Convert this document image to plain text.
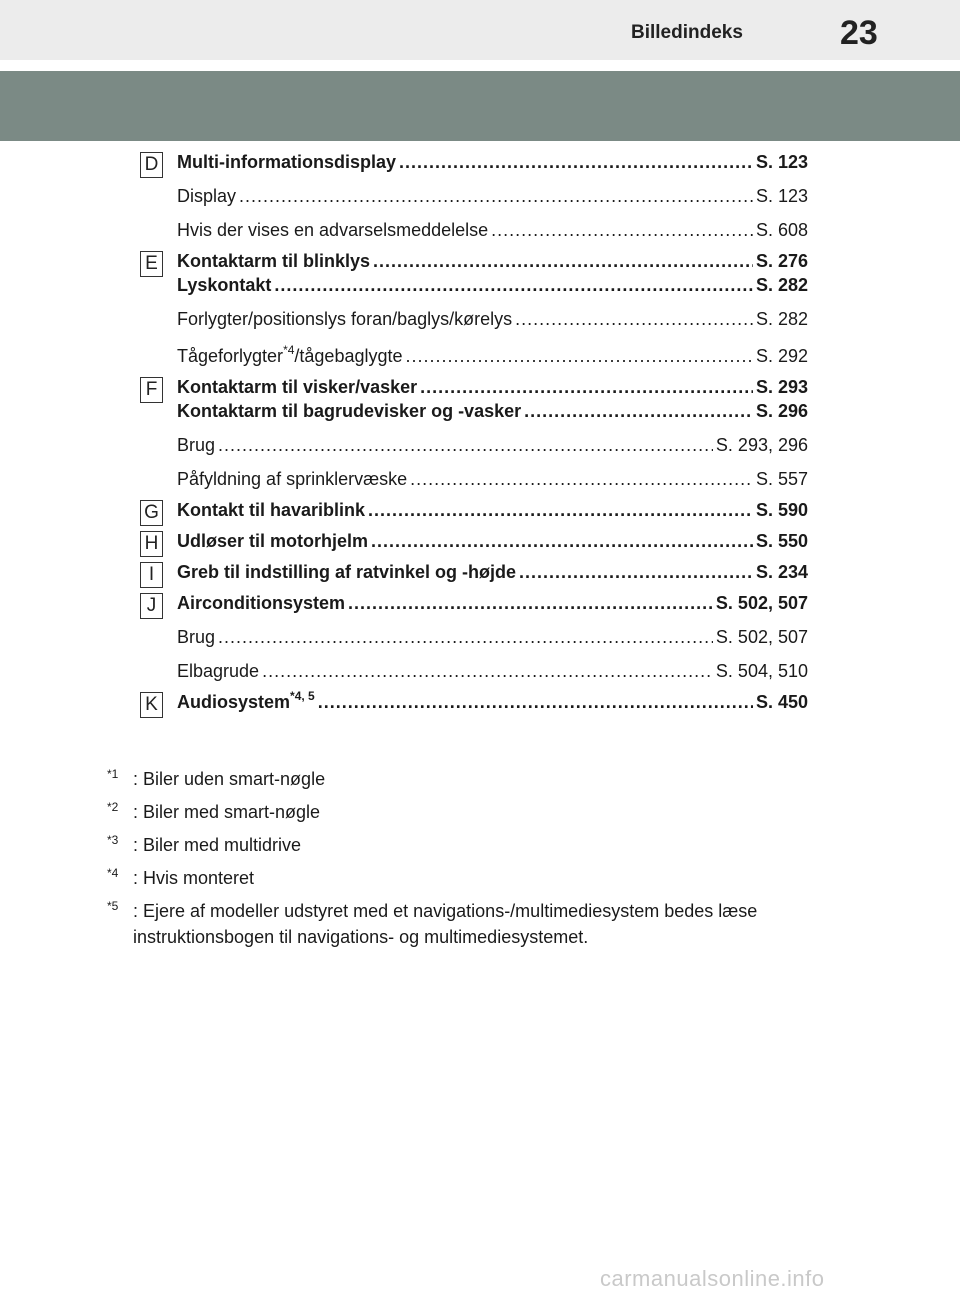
Billedindeks	23
D Multi-informationsdisplay .....	S. 123
Display .....	S. 123
Hvis der vises en advarselsmeddelelse .....	S. 608
E Kontaktarm til blinklys .....	S. 276
Lyskontakt .....	S. 282
Forlygter/positionslys foran/baglys/kørelys .....	S. 282
Tågeforlygter$^{*4}$/tågebaglygte .....	S. 292
F	Kontaktarm til visker/vasker .....	S. 293
Kontaktarm til bagrudevisker og -vasker .....	S. 296
Brug .....	S. 293, 296
Påfyldning af sprinklervæske .....	S. 557
G Kontakt til havariblink .....	S. 590
H Udløser til motorhjelm .....	S. 550
I	Greb til indstilling af ratvinkel og -højde .....	S. 234
J	Airconditionsystem .....	S. 502, 507
Brug .....	S. 502, 507
Elbagrude .....	S. 504, 510
K Audiosystem$^{*4, 5}$ .....	S. 450
$^{*1}$ : Biler uden smart-nøgle
$^{*2}$ : Biler med smart-nøgle
$^{*3}$ : Biler med multidrive
$^{*4}$ : Hvis monteret
$^{*5}$ : Ejere af modeller udstyret med et navigations-/multimediesystem bedes læse instruktionsbogen til navigations- og multimediesystemet.
carmanualsonline.info
